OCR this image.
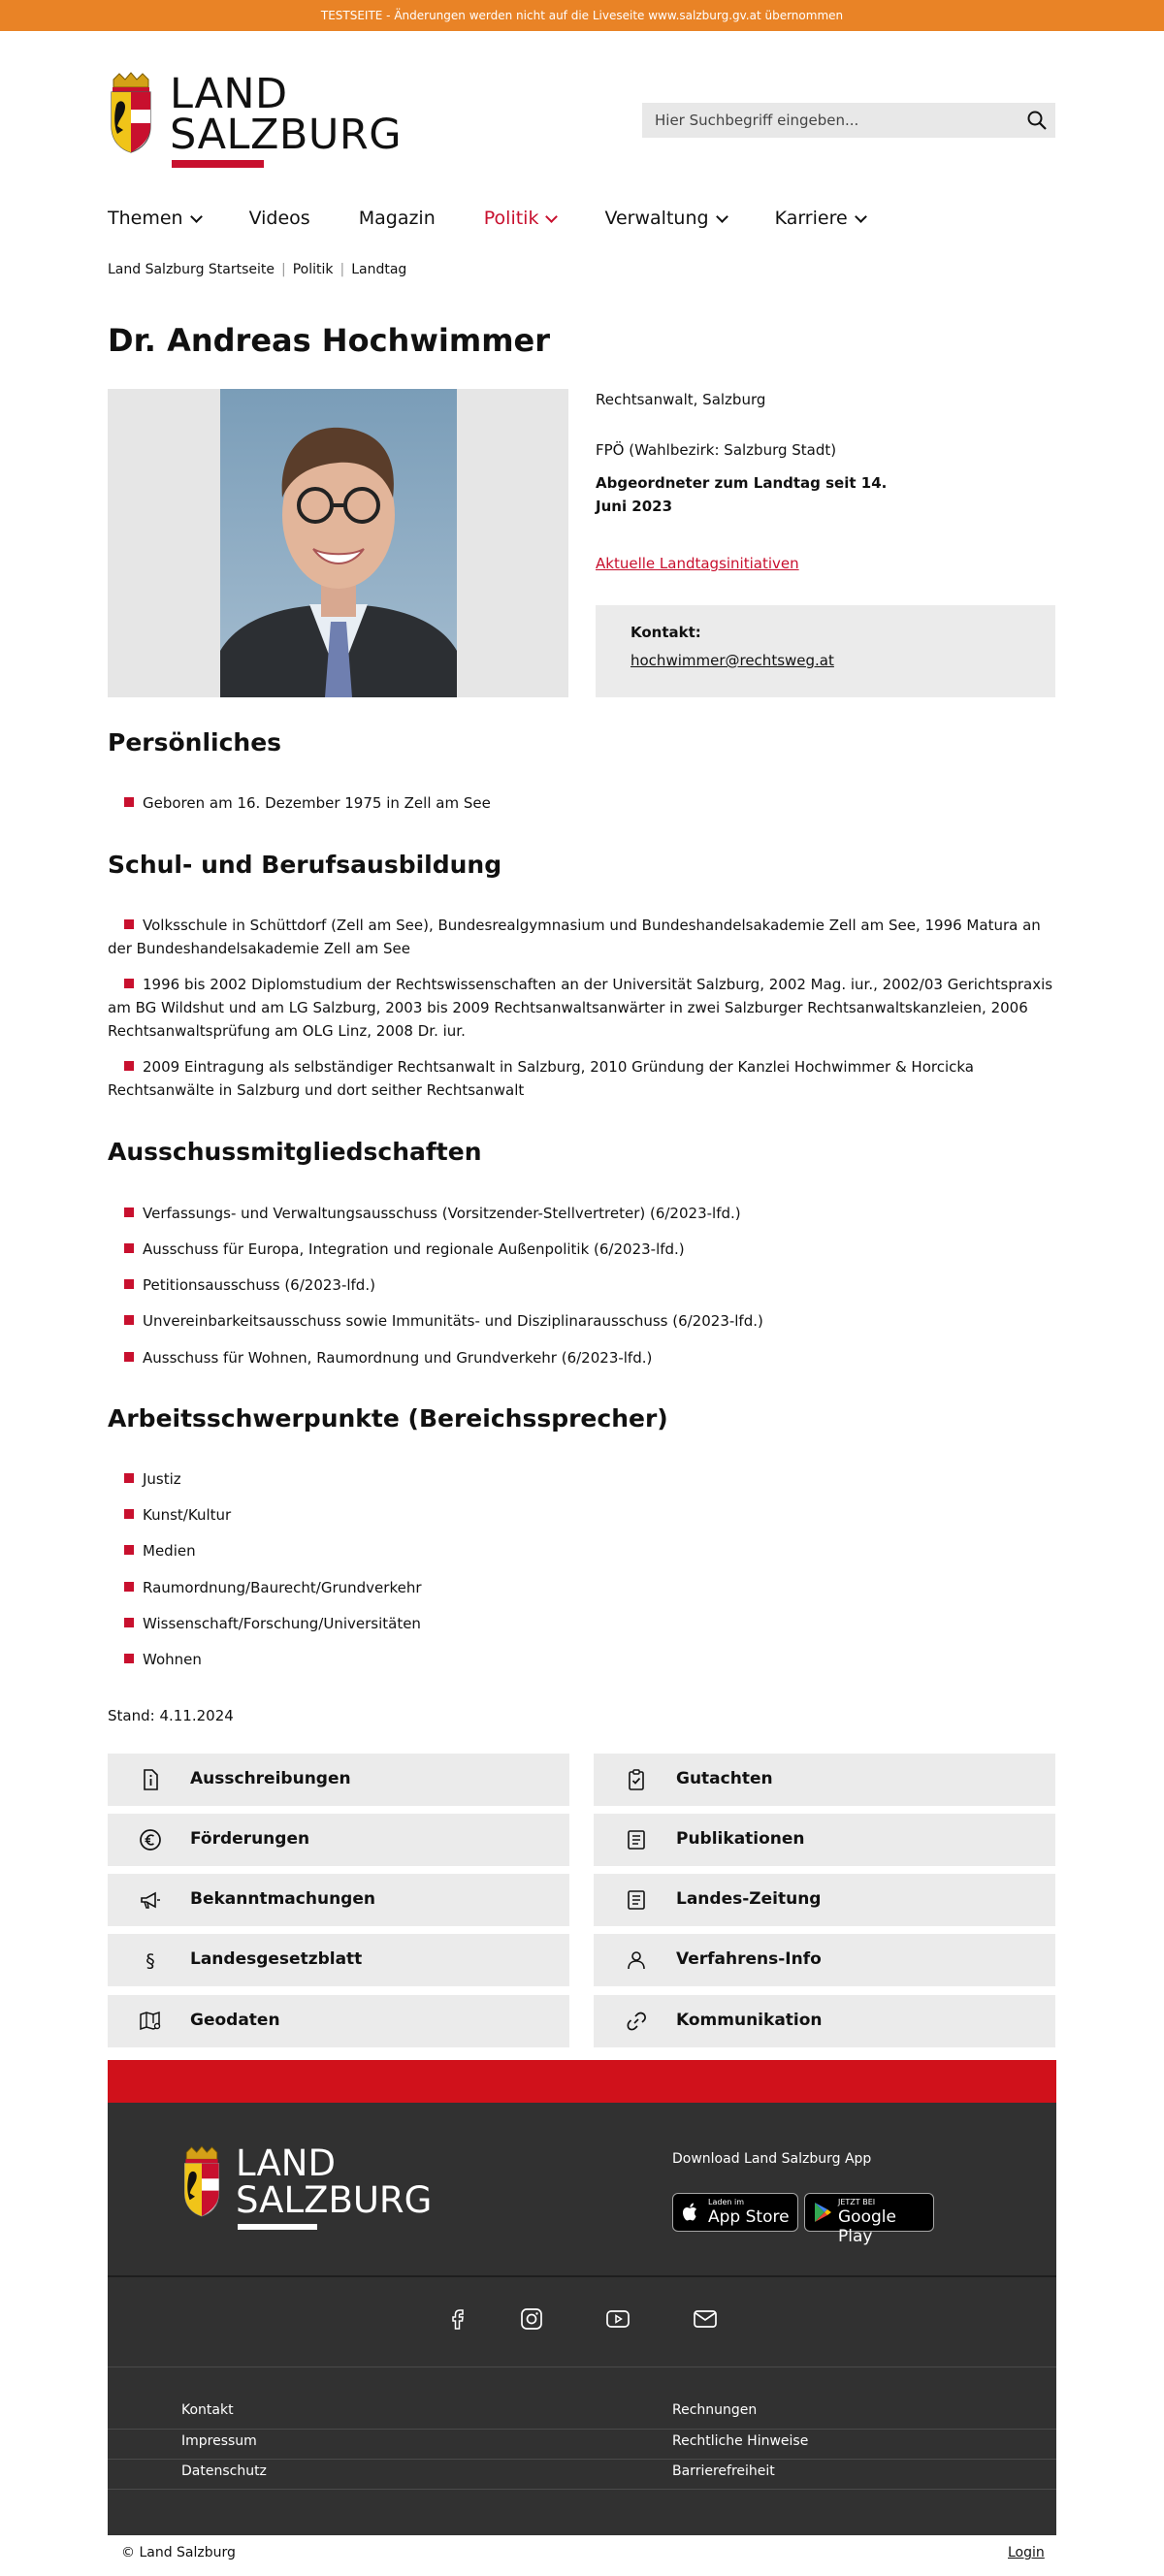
TESTSEITE - Änderungen werden nicht auf die Liveseite www.salzburg.gv.at übernommen
LAND
SALZBURG	Hier Suchbegriff eingeben...
Themen	Videos	Magazin	Politik	Verwaltung	Karriere
Land Salzburg Startseite | Politik | Landtag
Dr. Andreas Hochwimmer
Rechtsanwalt, Salzburg
FPÖ (Wahlbezirk: Salzburg Stadt)
Abgeordneter zum Landtag seit 14.
Juni 2023
Aktuelle Landtagsinitiativen
Kontakt:
hochwimmer@rechtsweg.at
Persönliches
Geboren am 16. Dezember 1975 in Zell am See
Schul- und Berufsausbildung
Volksschule in Schüttdorf (Zell am See), Bundesrealgymnasium und Bundeshandelsakademie Zell am See, 1996 Matura an der Bundeshandelsakademie Zell am See
1996 bis 2002 Diplomstudium der Rechtswissenschaften an der Universität Salzburg, 2002 Mag. iur., 2002/03 Gerichtspraxis am BG Wildshut und am LG Salzburg, 2003 bis 2009 Rechtsanwaltsanwärter in zwei Salzburger Rechtsanwaltskanzleien, 2006 Rechtsanwaltsprüfung am OLG Linz, 2008 Dr. iur.
2009 Eintragung als selbständiger Rechtsanwalt in Salzburg, 2010 Gründung der Kanzlei Hochwimmer & Horcicka Rechtsanwälte in Salzburg und dort seither Rechtsanwalt
Ausschussmitgliedschaften
Verfassungs- und Verwaltungsausschuss (Vorsitzender-Stellvertreter) (6/2023-lfd.)
Ausschuss für Europa, Integration und regionale Außenpolitik (6/2023-lfd.)
Petitionsausschuss (6/2023-lfd.)
Unvereinbarkeitsausschuss sowie Immunitäts- und Disziplinarausschuss (6/2023-lfd.)
Ausschuss für Wohnen, Raumordnung und Grundverkehr (6/2023-lfd.)
Arbeitsschwerpunkte (Bereichssprecher)
Justiz
Kunst/Kultur
Medien
Raumordnung/Baurecht/Grundverkehr
Wissenschaft/Forschung/Universitäten
Wohnen
Stand: 4.11.2024
Ausschreibungen	Gutachten
Förderungen	Publikationen
Bekanntmachungen	Landes-Zeitung
§ Landesgesetzblatt	Verfahrens-Info
Geodaten	Kommunikation
LAND
SALZBURG
Download Land Salzburg App
Laden im
App Store
JETZT BEI
Google Play
Kontakt	Rechnungen
Impressum	Rechtliche Hinweise
Datenschutz	Barrierefreiheit
© Land Salzburg	Login
